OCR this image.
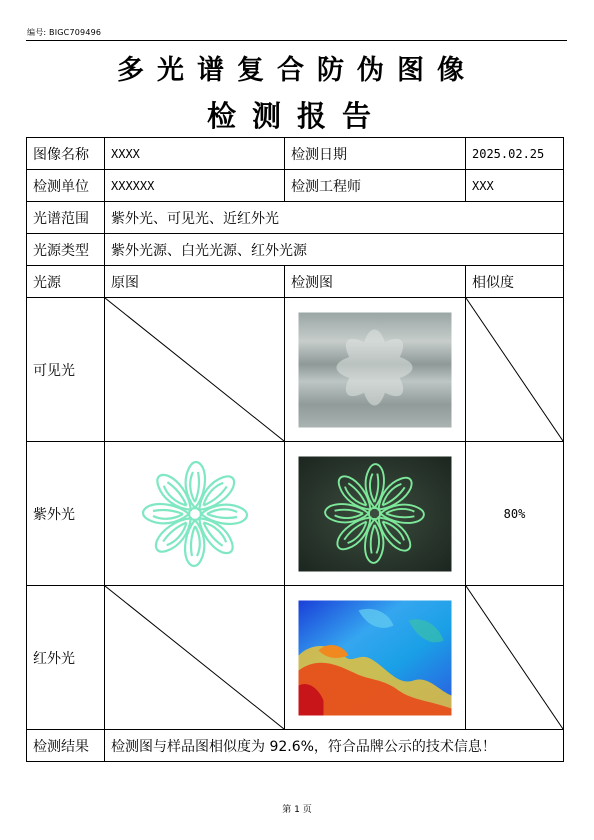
编号: BIGC709496
多光谱复合防伪图像
检测报告
图像名称	XXXX	检测日期	2025.02.25
检测单位	XXXXXX	检测工程师	XXX
光谱范围	紫外光、可见光、近红外光		
光源类型	紫外光源、白光光源、红外光源		
光源	原图	检测图	相似度
可见光	

紫外光			80%

红外光	

检测结果	检测图与样品图相似度为 92.6%，符合品牌公示的技术信息！		
第 1 页
